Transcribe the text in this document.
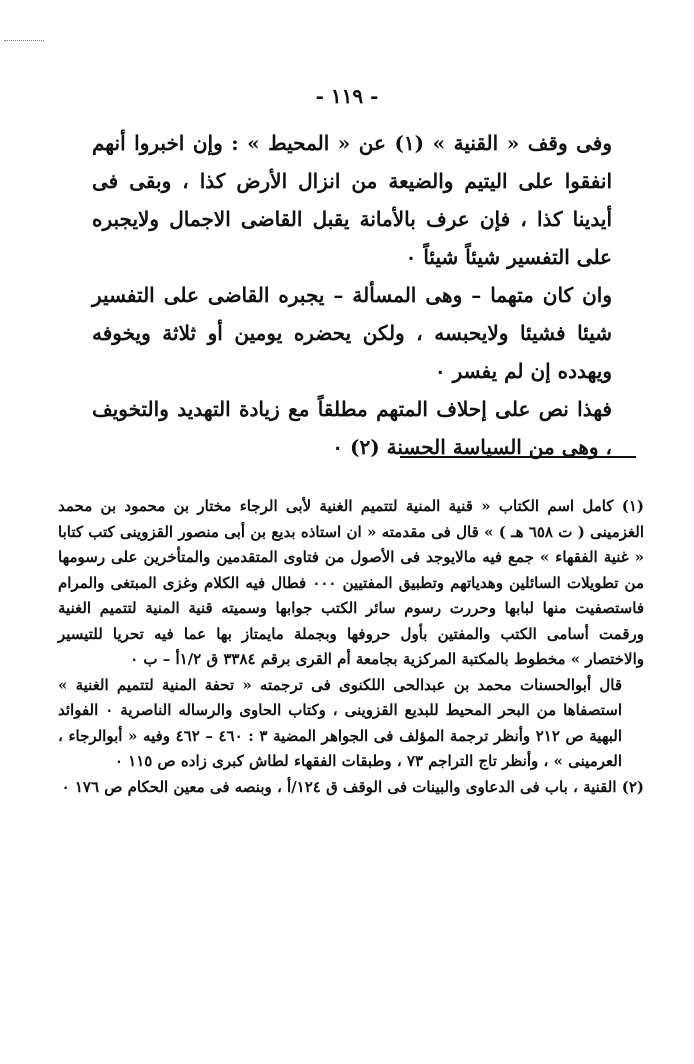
- ١١٩ -

وفى وقف « القنية » (١) عن « المحيط » : وإن اخبروا أنهم انفقوا على اليتيم والضيعة من انزال الأرض كذا ، وبقى فى أيدينا كذا ، فإن عرف بالأمانة يقبل القاضى الاجمال ولايجبره على التفسير شيئاً شيئاً ٠

وان كان متهما – وهى المسألة – يجبره القاضى على التفسير شيئا فشيئا ولايحبسه ، ولكن يحضره يومين أو ثلاثة ويخوفه ويهدده إن لم يفسر ٠

فهذا نص على إحلاف المتهم مطلقاً مع زيادة التهديد والتخويف ، وهى من السياسة الحسنة (٢) ٠

(١) كامل اسم الكتاب « قنية المنية لتتميم الغنية لأبى الرجاء مختار بن محمود بن محمد الغزمينى ( ت ٦٥٨ هـ ) » قال فى مقدمته « ان استاذه بديع بن أبى منصور القزوينى كتب كتابا « غنية الفقهاء » جمع فيه مالايوجد فى الأصول من فتاوى المتقدمين والمتأخرين على رسومها من تطويلات السائلين وهدياتهم وتطبيق المفتيين ٠٠٠ فطال فيه الكلام وغزى المبتغى والمرام فاستصفيت منها لبابها وحررت رسوم سائر الكتب جوابها وسميته قنية المنية لتتميم الغنية ورقمت أسامى الكتب والمفتين بأول حروفها وبجملة مايمتاز بها عما فيه تحريا للتيسير والاختصار » مخطوط بالمكتبة المركزية بجامعة أم القرى برقم ٣٣٨٤ ق ١/٢أ – ب ٠

قال أبوالحسنات محمد بن عبدالحى اللكنوى فى ترجمته « تحفة المنية لتتميم الغنية » استصفاها من البحر المحيط للبديع القزوينى ، وكتاب الحاوى والرساله الناصرية ٠ الفوائد البهية ص ٢١٢ وأنظر ترجمة المؤلف فى الجواهر المضية ٣ : ٤٦٠ – ٤٦٢ وفيه « أبوالرجاء ، العرمينى » ، وأنظر تاج التراجم ٧٣ ، وطبقات الفقهاء لطاش كبرى زاده ص ١١٥ ٠

(٢) القنية ، باب فى الدعاوى والبينات فى الوقف ق ١٢٤/أ ، وبنصه فى معين الحكام ص ١٧٦ ٠
